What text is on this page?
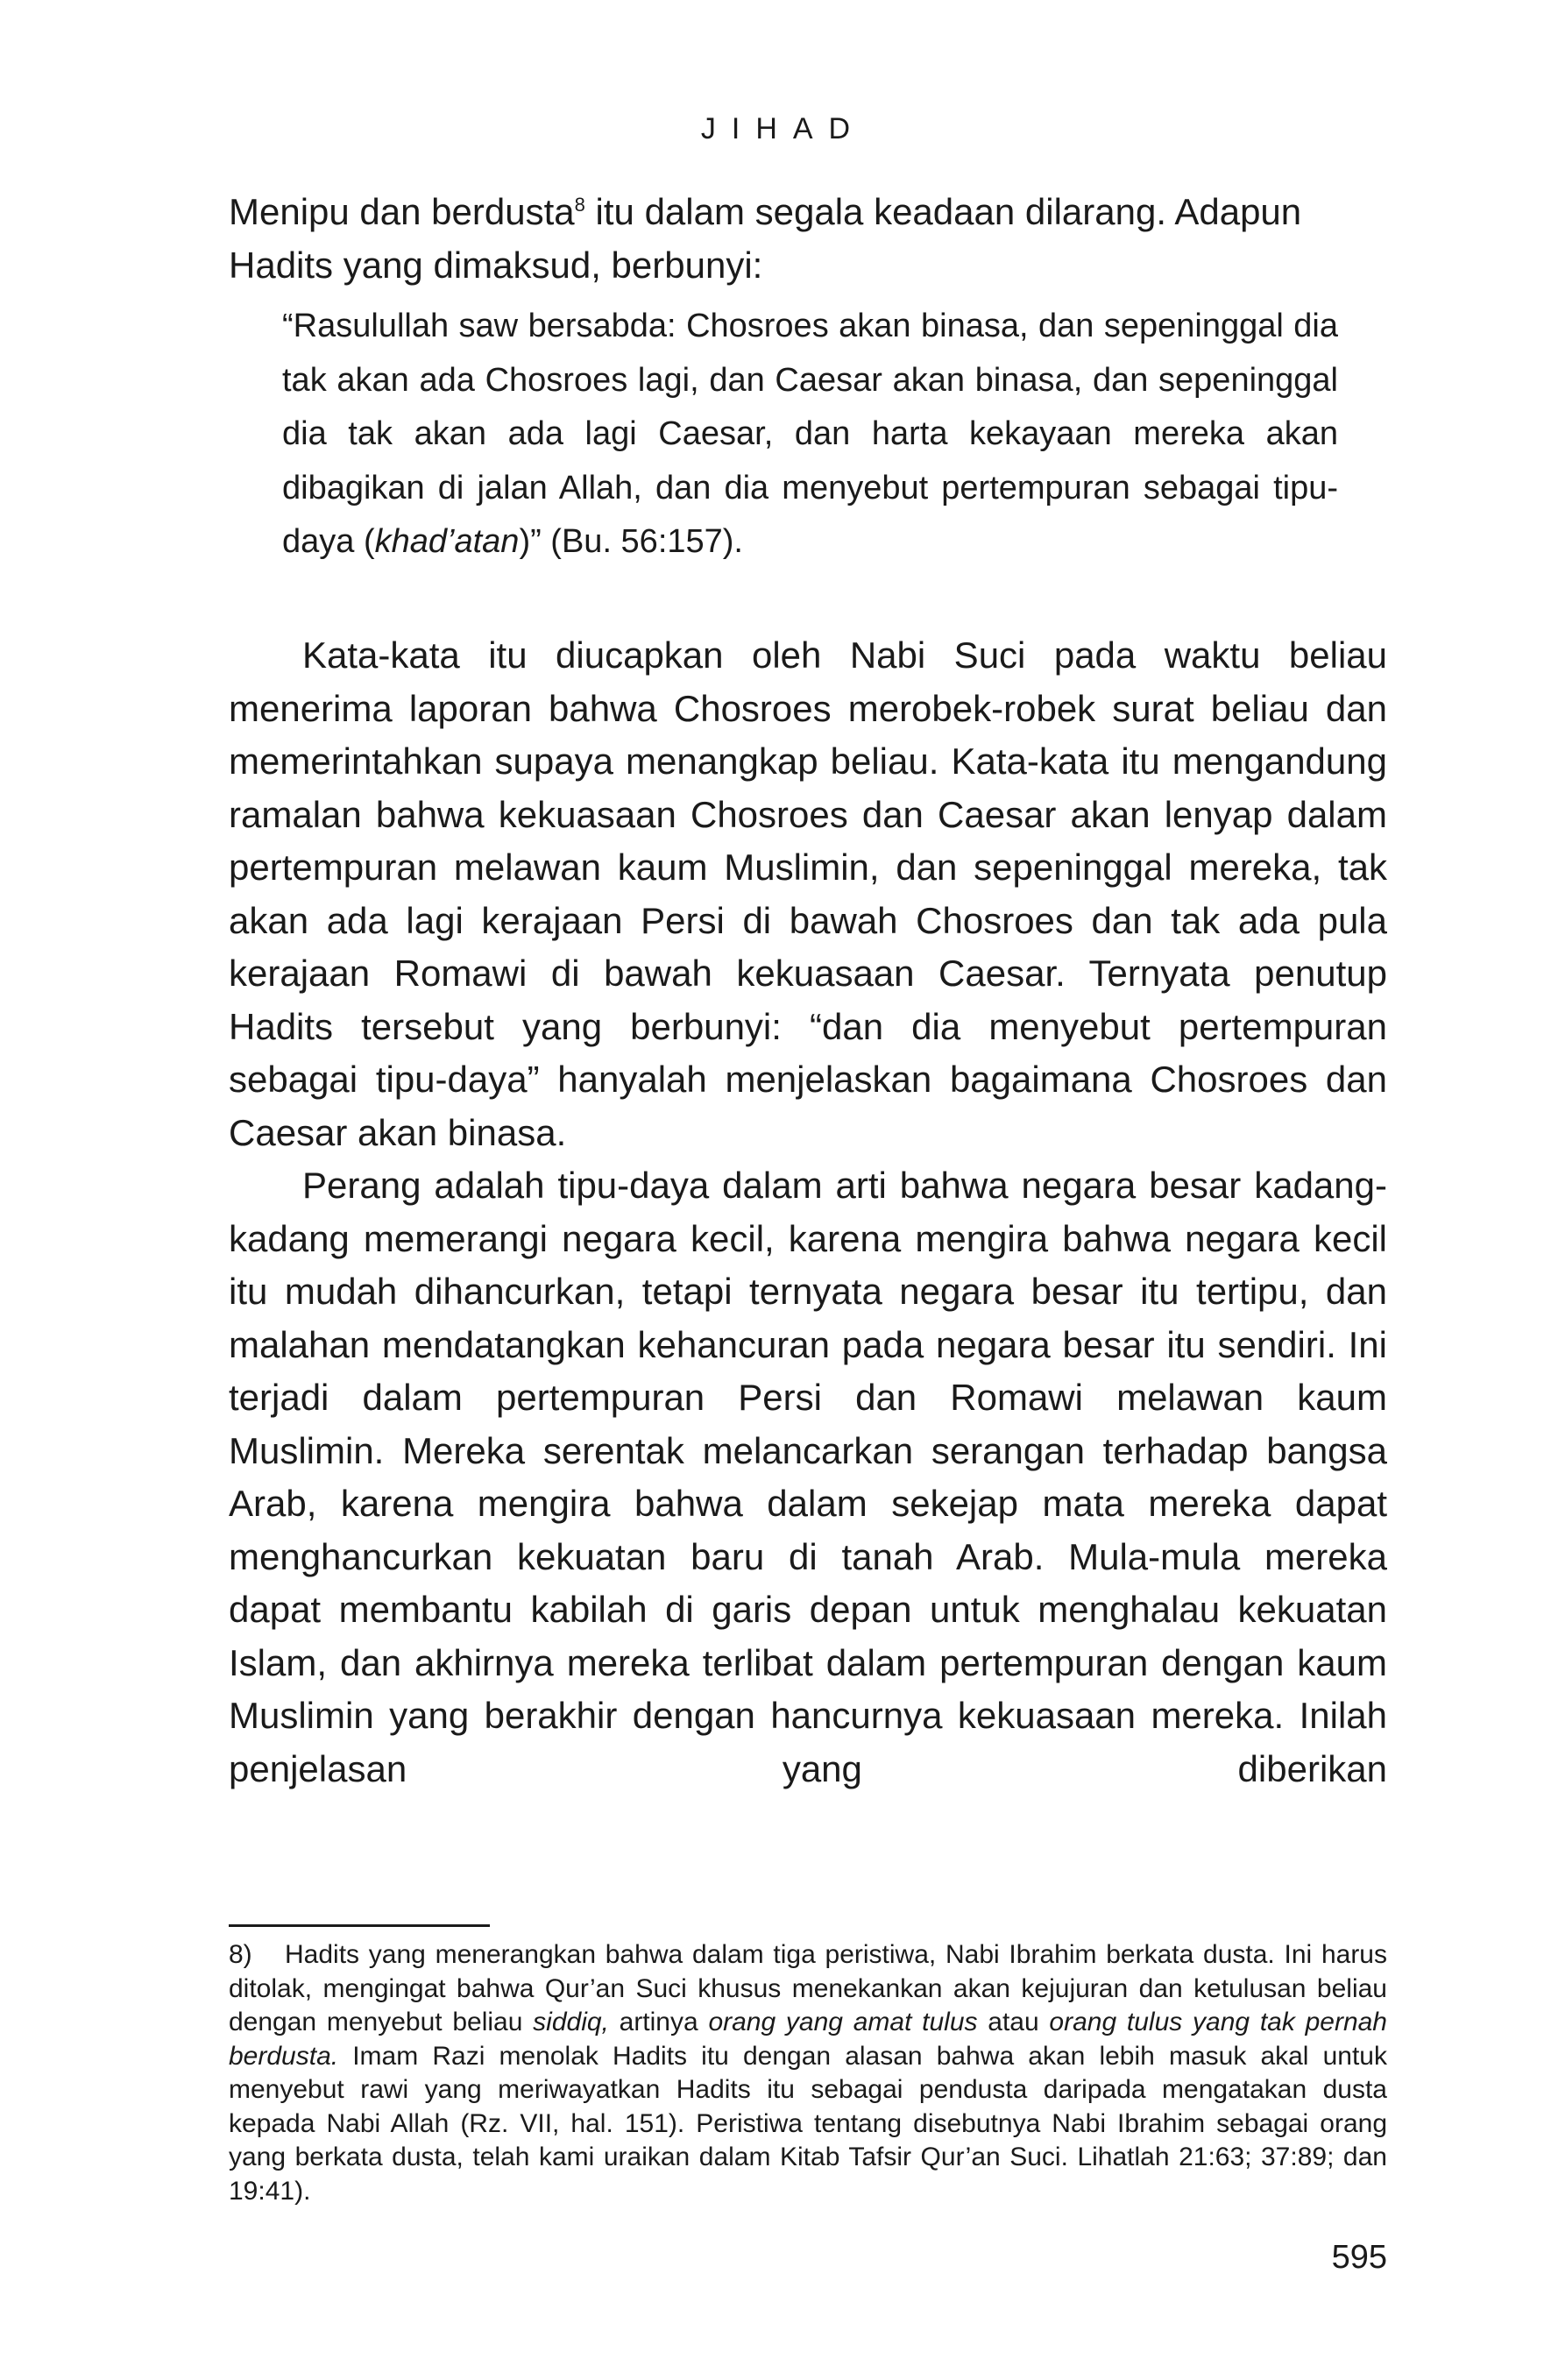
JIHAD

Menipu dan berdusta$^8$ itu dalam segala keadaan dilarang. Adapun Hadits yang dimaksud, berbunyi:

“Rasulullah saw bersabda: Chosroes akan binasa, dan sepeninggal dia tak akan ada Chosroes lagi, dan Caesar akan binasa, dan sepeninggal dia tak akan ada lagi Caesar, dan harta kekayaan mereka akan dibagikan di jalan Allah, dan dia menyebut pertempuran sebagai tipu-daya (khad’atan)” (Bu. 56:157).

Kata-kata itu diucapkan oleh Nabi Suci pada waktu beliau menerima laporan bahwa Chosroes merobek-robek surat beliau dan memerintahkan supaya menangkap beliau. Kata-kata itu mengandung ramalan bahwa kekuasaan Chosroes dan Caesar akan lenyap dalam pertempuran melawan kaum Muslimin, dan sepeninggal mereka, tak akan ada lagi kerajaan Persi di bawah Chosroes dan tak ada pula kerajaan Romawi di bawah kekuasaan Caesar. Ternyata penutup Hadits tersebut yang berbunyi: “dan dia menyebut pertempuran sebagai tipu-daya” hanyalah menjelaskan bagaimana Chosroes dan Caesar akan binasa.

Perang adalah tipu-daya dalam arti bahwa negara besar kadang-kadang memerangi negara kecil, karena mengira bahwa negara kecil itu mudah dihancurkan, tetapi ternyata negara besar itu tertipu, dan malahan mendatangkan kehancuran pada negara besar itu sendiri. Ini terjadi dalam pertempuran Persi dan Romawi melawan kaum Muslimin. Mereka serentak melancarkan serangan terhadap bangsa Arab, karena mengira bahwa dalam sekejap mata mereka dapat menghancurkan kekuatan baru di tanah Arab. Mula-mula mereka dapat membantu kabilah di garis depan untuk menghalau kekuatan Islam, dan akhirnya mereka terlibat dalam pertempuran dengan kaum Muslimin yang berakhir dengan hancurnya kekuasaan mereka. Inilah penjelasan yang diberikan

8) Hadits yang menerangkan bahwa dalam tiga peristiwa, Nabi Ibrahim berkata dusta. Ini harus ditolak, mengingat bahwa Qur’an Suci khusus menekankan akan kejujuran dan ketulusan beliau dengan menyebut beliau siddiq, artinya orang yang amat tulus atau orang tulus yang tak pernah berdusta. Imam Razi menolak Hadits itu dengan alasan bahwa akan lebih masuk akal untuk menyebut rawi yang meriwayatkan Hadits itu sebagai pendusta daripada mengatakan dusta kepada Nabi Allah (Rz. VII, hal. 151). Peristiwa tentang disebutnya Nabi Ibrahim sebagai orang yang berkata dusta, telah kami uraikan dalam Kitab Tafsir Qur’an Suci. Lihatlah 21:63; 37:89; dan 19:41).

595
